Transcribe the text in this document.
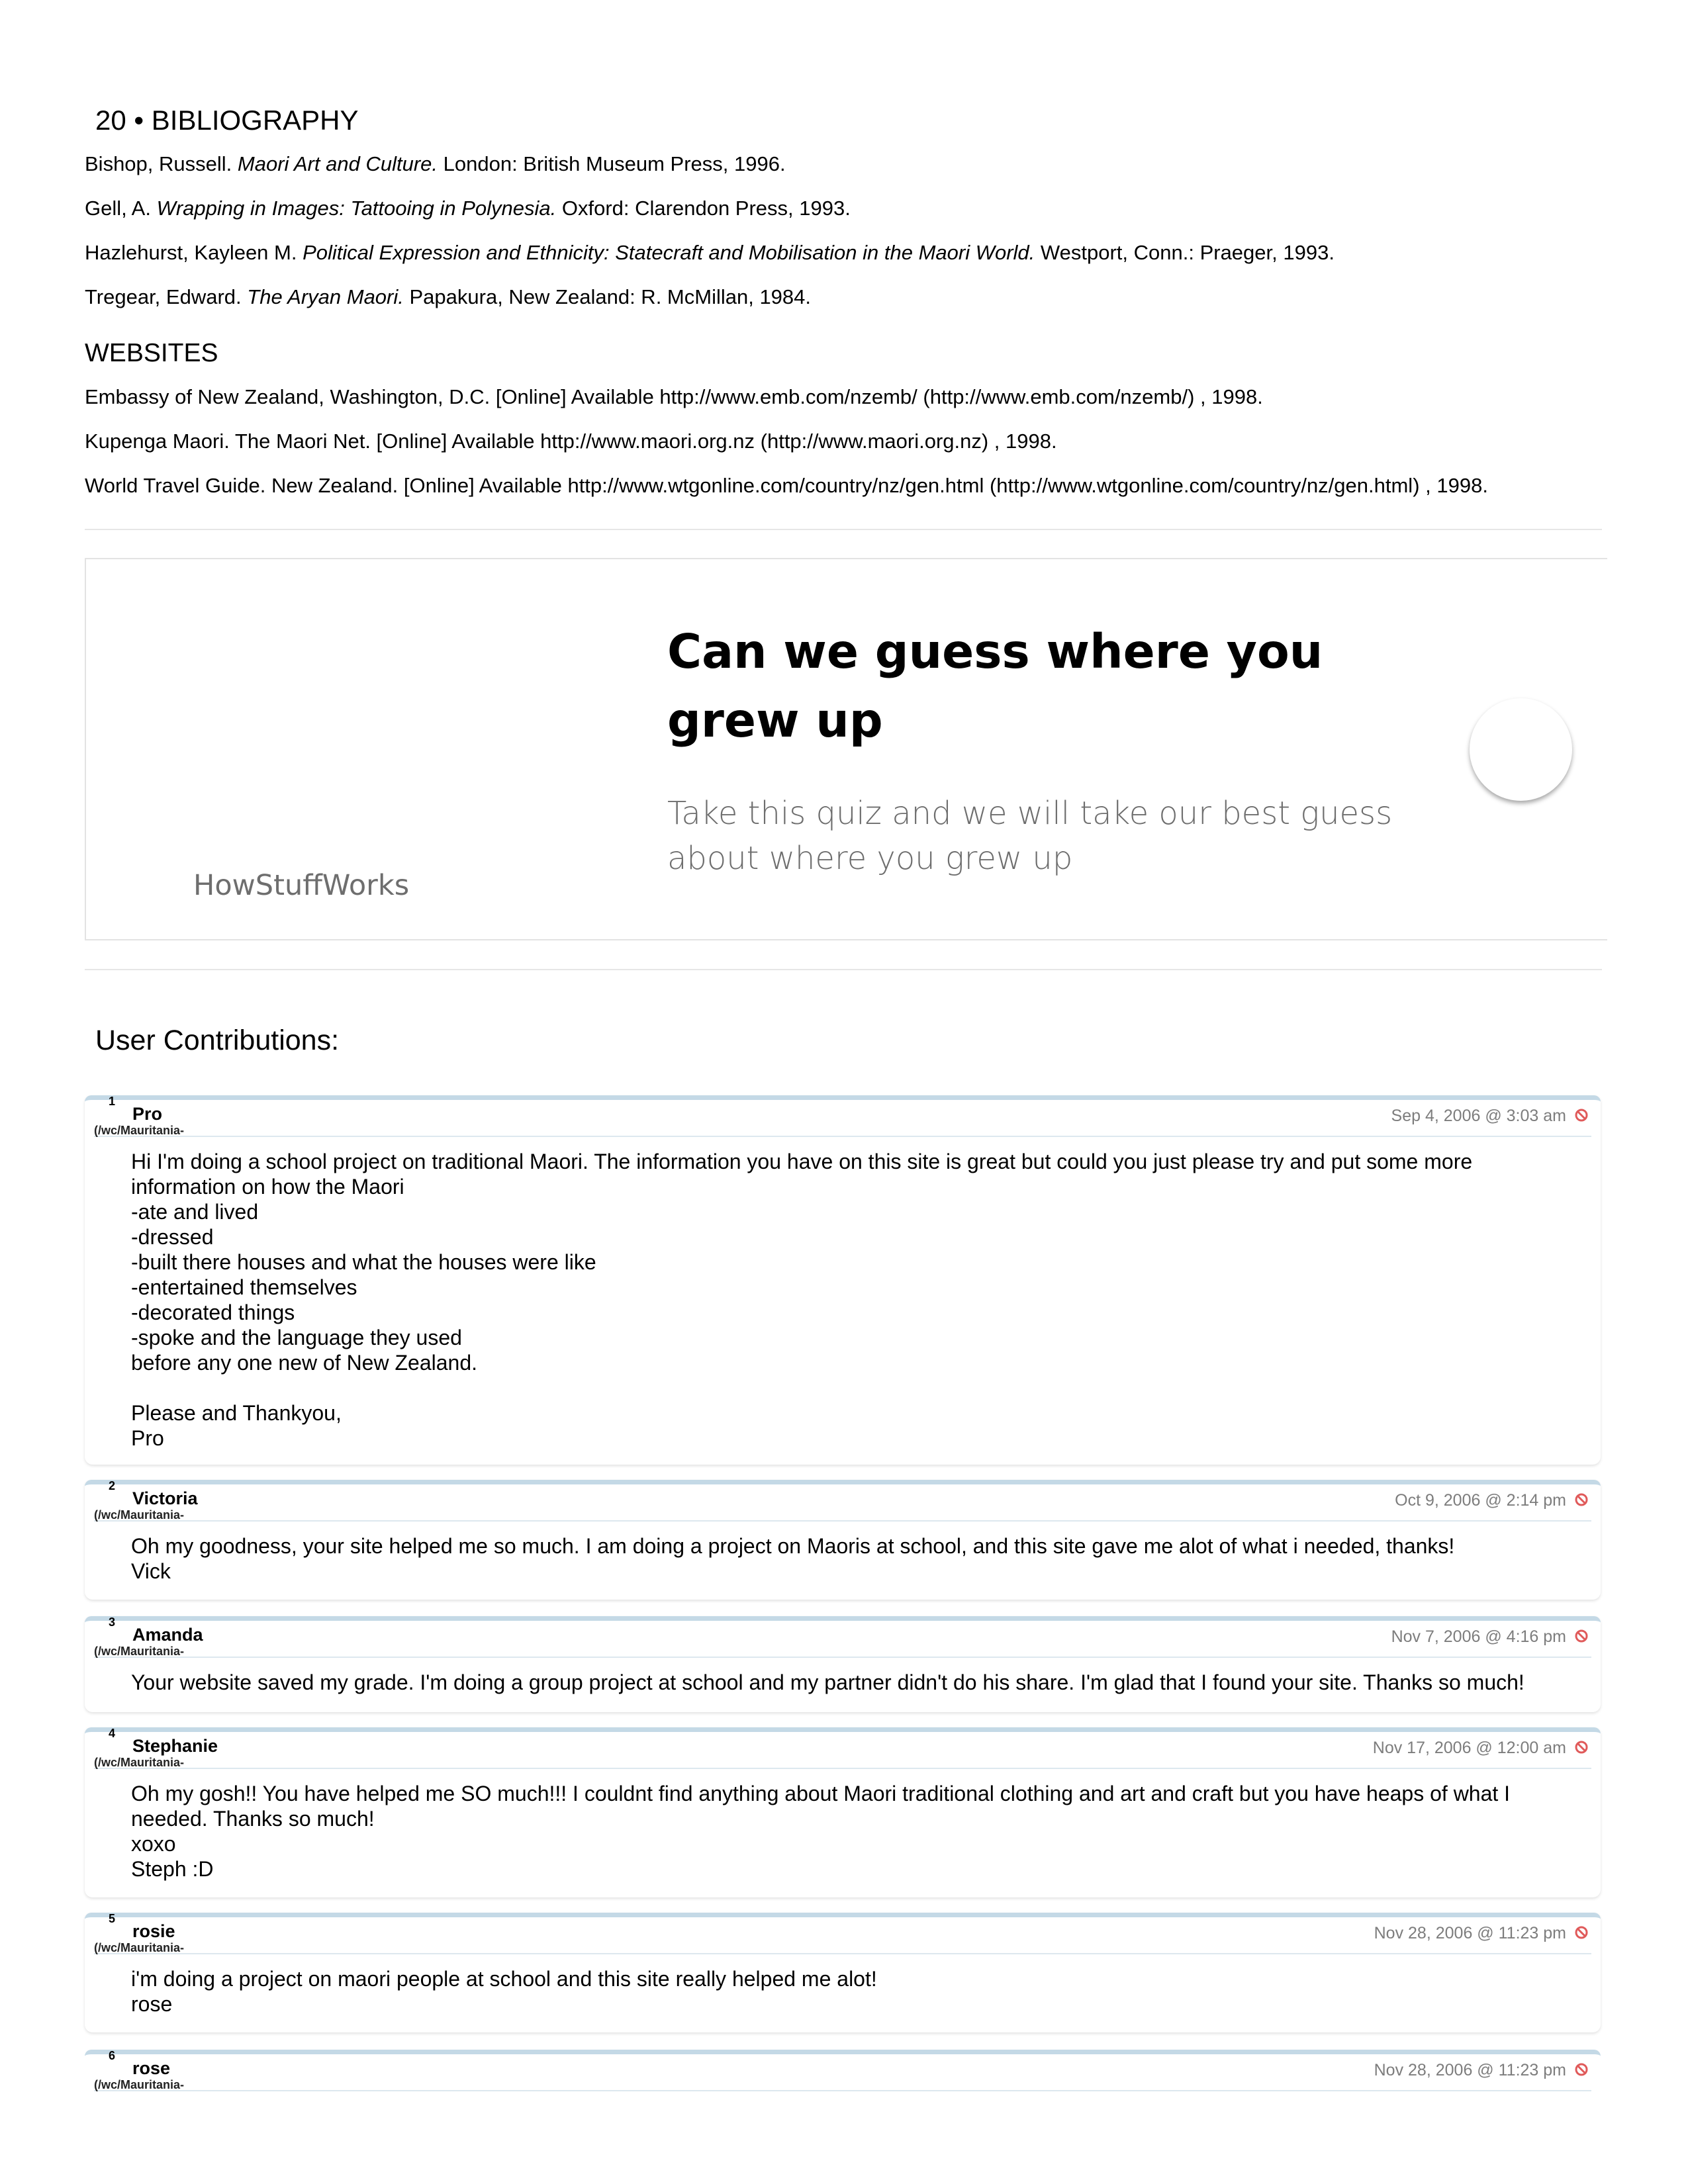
20 • BIBLIOGRAPHY
Bishop, Russell. Maori Art and Culture. London: British Museum Press, 1996.
Gell, A. Wrapping in Images: Tattooing in Polynesia. Oxford: Clarendon Press, 1993.
Hazlehurst, Kayleen M. Political Expression and Ethnicity: Statecraft and Mobilisation in the Maori World. Westport, Conn.: Praeger, 1993.
Tregear, Edward. The Aryan Maori. Papakura, New Zealand: R. McMillan, 1984.
WEBSITES
Embassy of New Zealand, Washington, D.C. [Online] Available http://www.emb.com/nzemb/ (http://www.emb.com/nzemb/) , 1998.
Kupenga Maori. The Maori Net. [Online] Available http://www.maori.org.nz (http://www.maori.org.nz) , 1998.
World Travel Guide. New Zealand. [Online] Available http://www.wtgonline.com/country/nz/gen.html (http://www.wtgonline.com/country/nz/gen.html) , 1998.
Can we guess where you grew up
Take this quiz and we will take our best guess about where you grew up
HowStuffWorks
User Contributions:
1
Pro
(/wc/Mauritania-
Sep 4, 2006 @ 3:03 am
Hi I'm doing a school project on traditional Maori. The information you have on this site is great but could you just please try and put some more information on how the Maori
-ate and lived
-dressed
-built there houses and what the houses were like
-entertained themselves
-decorated things
-spoke and the language they used
before any one new of New Zealand.

Please and Thankyou,
Pro
2
Victoria
(/wc/Mauritania-
Oct 9, 2006 @ 2:14 pm
Oh my goodness, your site helped me so much. I am doing a project on Maoris at school, and this site gave me alot of what i needed, thanks!
Vick
3
Amanda
(/wc/Mauritania-
Nov 7, 2006 @ 4:16 pm
Your website saved my grade. I'm doing a group project at school and my partner didn't do his share. I'm glad that I found your site. Thanks so much!
4
Stephanie
(/wc/Mauritania-
Nov 17, 2006 @ 12:00 am
Oh my gosh!! You have helped me SO much!!! I couldnt find anything about Maori traditional clothing and art and craft but you have heaps of what I needed. Thanks so much!
xoxo
Steph :D
5
rosie
(/wc/Mauritania-
Nov 28, 2006 @ 11:23 pm
i'm doing a project on maori people at school and this site really helped me alot!
rose
6
rose
(/wc/Mauritania-
Nov 28, 2006 @ 11:23 pm
